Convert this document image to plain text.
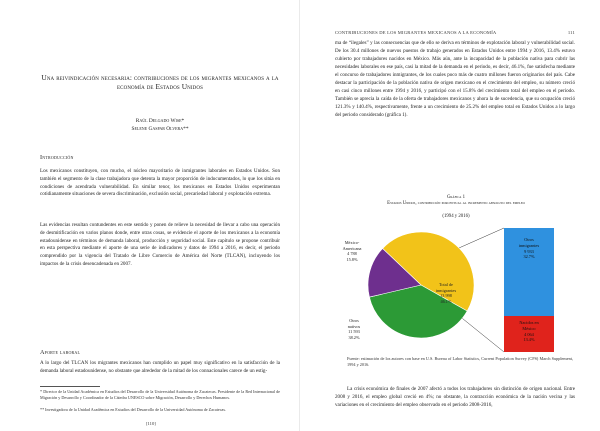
Una reivindicación necesaria: contribuciones de los migrantes mexicanos a la economía de Estados Unidos
Raúl Delgado Wise*
Selene Gaspar Olvera**
Introducción
Los mexicanos constituyen, con mucho, el núcleo mayoritario de inmigrantes laborales en Estados Unidos. Son también el segmento de la clase trabajadora que detenta la mayor proporción de indocumentados, lo que los sitúa en condiciones de acendrada vulnerabilidad. En similar tenor, los mexicanos en Estados Unidos experimentan cotidianamente situaciones de severa discriminación, exclusión social, precariedad laboral y explotación extrema.
Las evidencias resultan contundentes en este sentido y ponen de relieve la necesidad de llevar a cabo una operación de desmitificación en varios planos donde, entre otras cosas, se evidencie el aporte de los mexicanos a la economía estadounidense en términos de demanda laboral, producción y seguridad social. Este capítulo se propone contribuir en esta perspectiva mediante el aporte de una serie de indicadores y datos de 1994 a 2016, es decir, el periodo comprendido por la vigencia del Tratado de Libre Comercio de América del Norte (TLCAN), incluyendo los impactos de la crisis desencadenada en 2007.
Aporte laboral
A lo largo del TLCAN los migrantes mexicanos han cumplido un papel muy significativo en la satisfacción de la demanda laboral estadounidense, no obstante que alrededor de la mitad de los connacionales carece de un estig-
* Director de la Unidad Académica en Estudios del Desarrollo de la Universidad Autónoma de Zacatecas. Presidente de la Red Internacional de Migración y Desarrollo y Coordinador de la Cátedra UNESCO sobre Migración, Desarrollo y Derechos Humanos.
** Investigadora de la Unidad Académica en Estudios del Desarrollo de la Universidad Autónoma de Zacatecas.
[110]
CONTRIBUCIONES DE LOS MIGRANTES MEXICANOS A LA ECONOMÍA	111
ma de “ilegales” y las consecuencias que de ello se deriva en términos de explotación laboral y vulnerabilidad social. De los 30.4 millones de nuevos puestos de trabajo generados en Estados Unidos entre 1994 y 2016, 13.4% estuvo cubierto por trabajadores nacidos en México. Más aún, ante la incapacidad de la población nativa para cubrir las necesidades laborales en ese país, casi la mitad de la demanda en el periodo, es decir, 46.1%, fue satisfecha mediante el concurso de trabajadores inmigrantes, de los cuales poco más de cuatro millones fueron originarios del país. Cabe destacar la participación de la población nativa de origen mexicano en el crecimiento del empleo, su número creció en casi cinco millones entre 1994 y 2016, y participó con el 15.8% del crecimiento total del empleo en el periodo. También se aprecia la caída de la oferta de trabajadores mexicanos y ahora la de sucedencia, que su ocupación creció 121.3% y 140.4%, respectivamente, frente a un crecimiento de 25.2% del empleo total en Estados Unidos a lo largo del periodo considerado (gráfica 1).
Gráfica 1
Estados Unidos, contribución porcentual al incremento absoluto del empleo
(1994 y 2016)
México-
Americana
4 788
15.8%
Otros
nativos
11 593
38.2%
Total de
inmigrantes
13 998
46.1%
Otros
inmigrantes
9 933
32.7%
Nacidos en
México
4 064
13.4%
Fuente: estimación de los autores con base en U.S. Bureau of Labor Statistics, Current Population Survey (CPS) March Supplement, 1994 y 2016.
La crisis económica de finales de 2007 afectó a todos los trabajadores sin distinción de origen nacional. Entre 2008 y 2016, el empleo global creció en 4%; no obstante, la contracción económica de la nación vecina y las variaciones en el crecimiento del empleo observado en el periodo 2008-2016,
